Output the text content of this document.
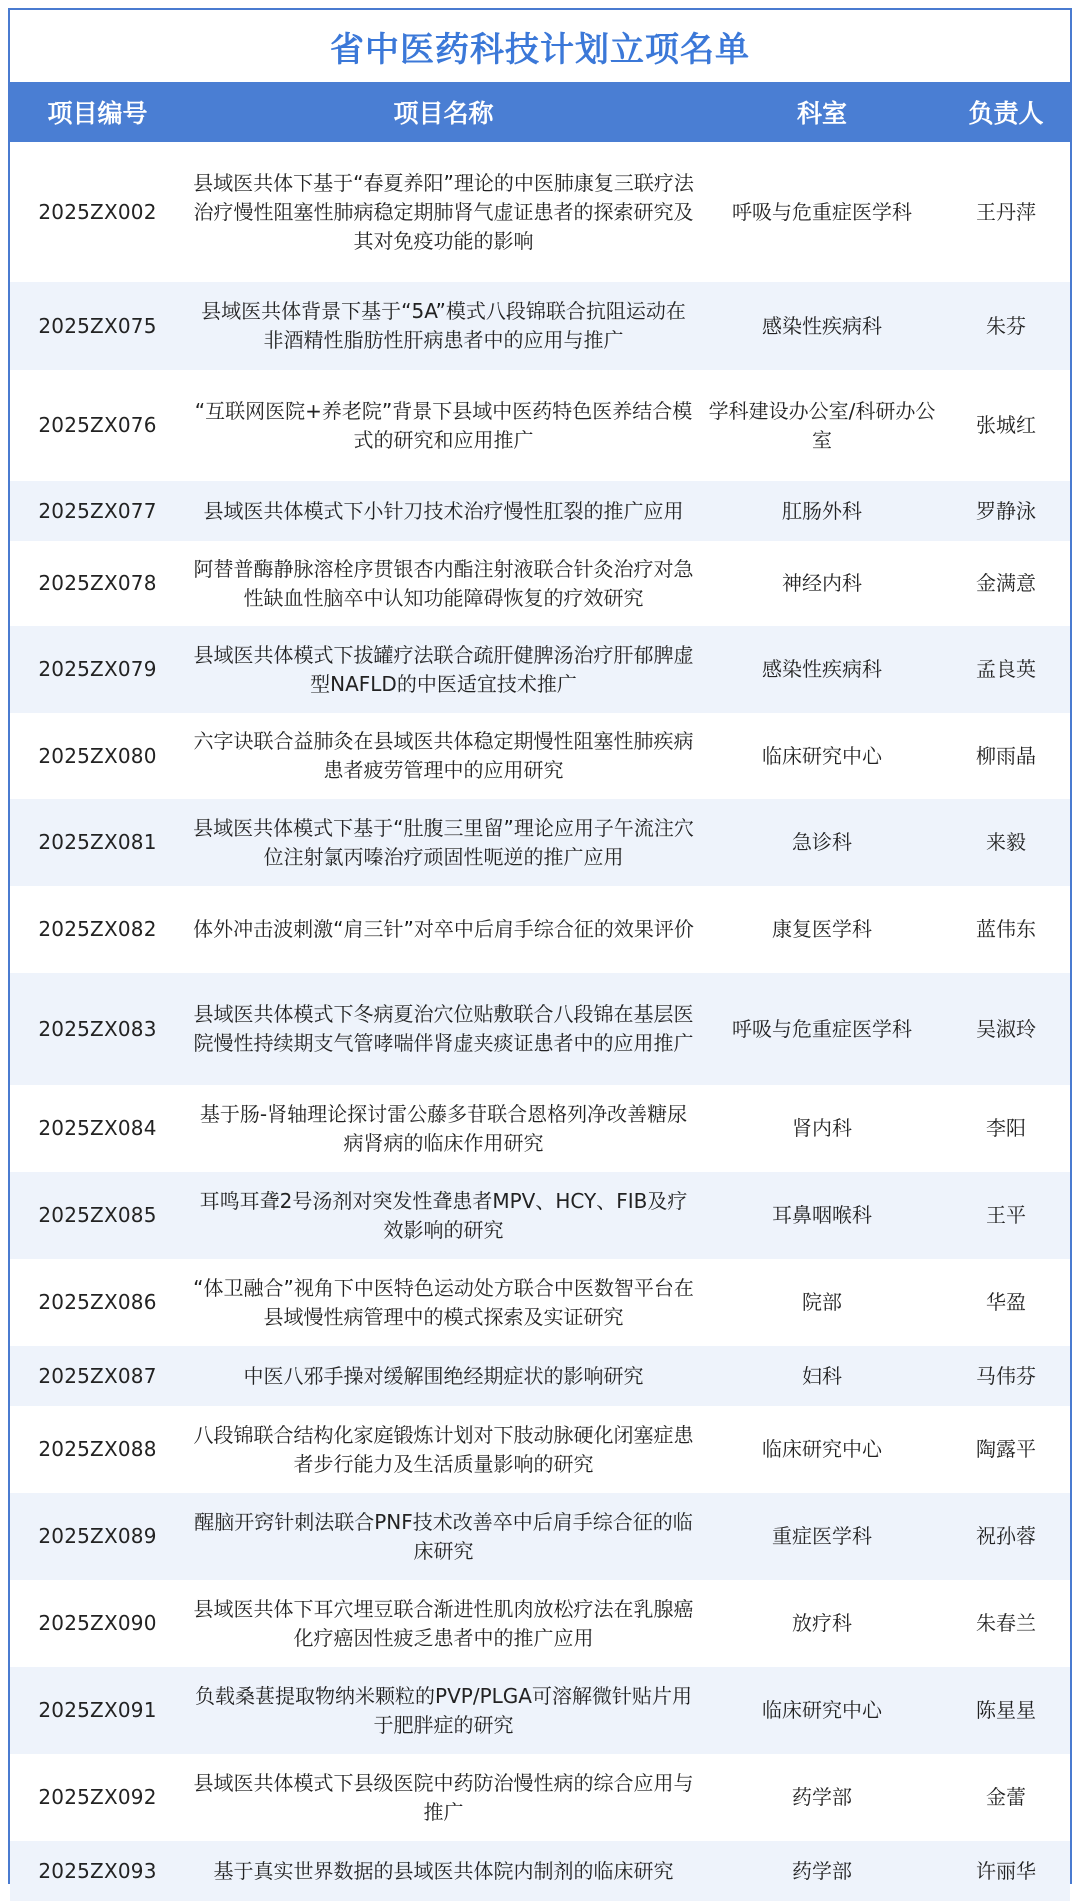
省中医药科技计划立项名单
项目编号	项目名称	科室	负责人
2025ZX002	县域医共体下基于“春夏养阳”理论的中医肺康复三联疗法治疗慢性阻塞性肺病稳定期肺肾气虚证患者的探索研究及其对免疫功能的影响	呼吸与危重症医学科	王丹萍
2025ZX075	县域医共体背景下基于“5A”模式八段锦联合抗阻运动在非酒精性脂肪性肝病患者中的应用与推广	感染性疾病科	朱芬
2025ZX076	“互联网医院+养老院”背景下县域中医药特色医养结合模式的研究和应用推广	学科建设办公室/科研办公室	张城红
2025ZX077	县域医共体模式下小针刀技术治疗慢性肛裂的推广应用	肛肠外科	罗静泳
2025ZX078	阿替普酶静脉溶栓序贯银杏内酯注射液联合针灸治疗对急性缺血性脑卒中认知功能障碍恢复的疗效研究	神经内科	金满意
2025ZX079	县域医共体模式下拔罐疗法联合疏肝健脾汤治疗肝郁脾虚型NAFLD的中医适宜技术推广	感染性疾病科	孟良英
2025ZX080	六字诀联合益肺灸在县域医共体稳定期慢性阻塞性肺疾病患者疲劳管理中的应用研究	临床研究中心	柳雨晶
2025ZX081	县域医共体模式下基于“肚腹三里留”理论应用子午流注穴位注射氯丙嗪治疗顽固性呃逆的推广应用	急诊科	来毅
2025ZX082	体外冲击波刺激“肩三针”对卒中后肩手综合征的效果评价	康复医学科	蓝伟东
2025ZX083	县域医共体模式下冬病夏治穴位贴敷联合八段锦在基层医院慢性持续期支气管哮喘伴肾虚夹痰证患者中的应用推广	呼吸与危重症医学科	吴淑玲
2025ZX084	基于肠-肾轴理论探讨雷公藤多苷联合恩格列净改善糖尿病肾病的临床作用研究	肾内科	李阳
2025ZX085	耳鸣耳聋2号汤剂对突发性聋患者MPV、HCY、FIB及疗效影响的研究	耳鼻咽喉科	王平
2025ZX086	“体卫融合”视角下中医特色运动处方联合中医数智平台在县域慢性病管理中的模式探索及实证研究	院部	华盈
2025ZX087	中医八邪手操对缓解围绝经期症状的影响研究	妇科	马伟芬
2025ZX088	八段锦联合结构化家庭锻炼计划对下肢动脉硬化闭塞症患者步行能力及生活质量影响的研究	临床研究中心	陶露平
2025ZX089	醒脑开窍针刺法联合PNF技术改善卒中后肩手综合征的临床研究	重症医学科	祝孙蓉
2025ZX090	县域医共体下耳穴埋豆联合渐进性肌肉放松疗法在乳腺癌化疗癌因性疲乏患者中的推广应用	放疗科	朱春兰
2025ZX091	负载桑葚提取物纳米颗粒的PVP/PLGA可溶解微针贴片用于肥胖症的研究	临床研究中心	陈星星
2025ZX092	县域医共体模式下县级医院中药防治慢性病的综合应用与推广	药学部	金蕾
2025ZX093	基于真实世界数据的县域医共体院内制剂的临床研究	药学部	许丽华
